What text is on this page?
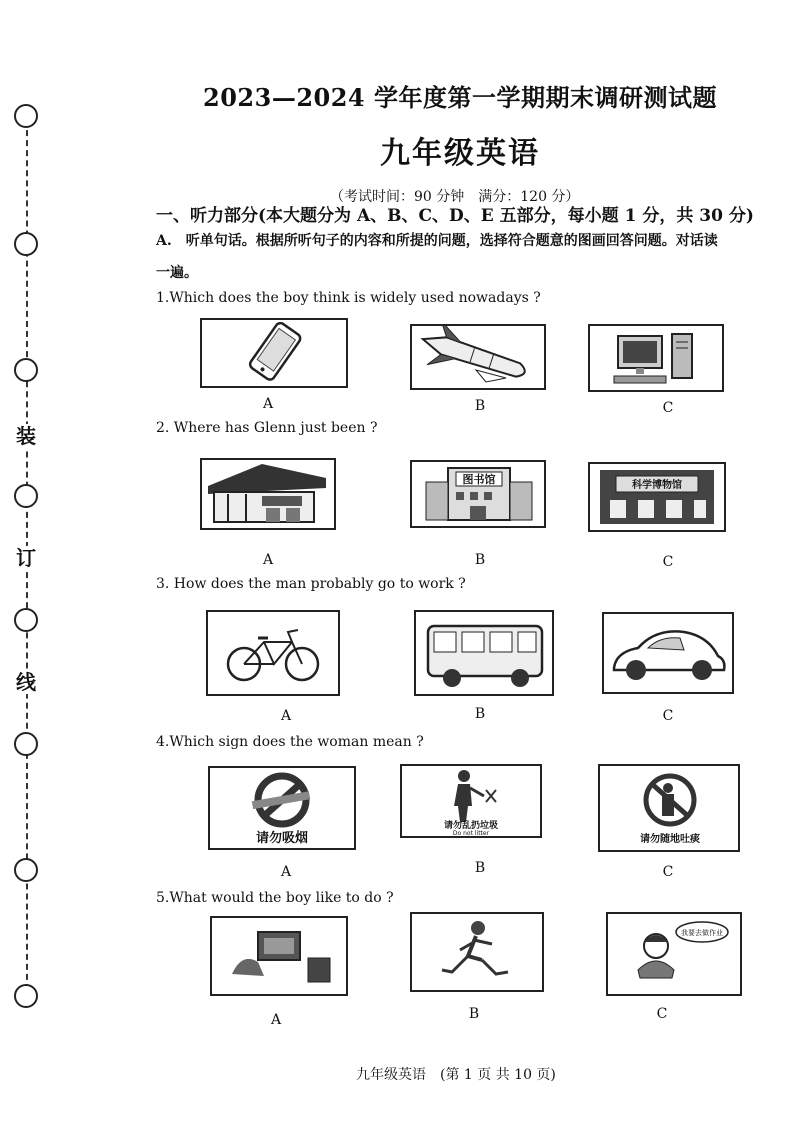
装
订
线
2023—2024 学年度第一学期期末调研测试题
九年级英语
（考试时间：90 分钟　满分：120 分）
一、听力部分(本大题分为 A、B、C、D、E 五部分，每小题 1 分，共 30 分)
A.　听单句话。根据所听句子的内容和所提的问题，选择符合题意的图画回答问题。对话读
一遍。
1.Which does the boy think is widely used nowadays ?
A	B	C
2. Where has Glenn just been ?
A
图书馆
B
科学博物馆
C
3. How does the man probably go to work ?
A	B	C
4.Which sign does the woman mean ?
请勿吸烟
A
请勿乱扔垃圾
Do not litter
B
请勿随地吐痰
C
5.What would the boy like to do ?
A	B
我要去做作业
C
九年级英语　(第 1 页 共 10 页)
